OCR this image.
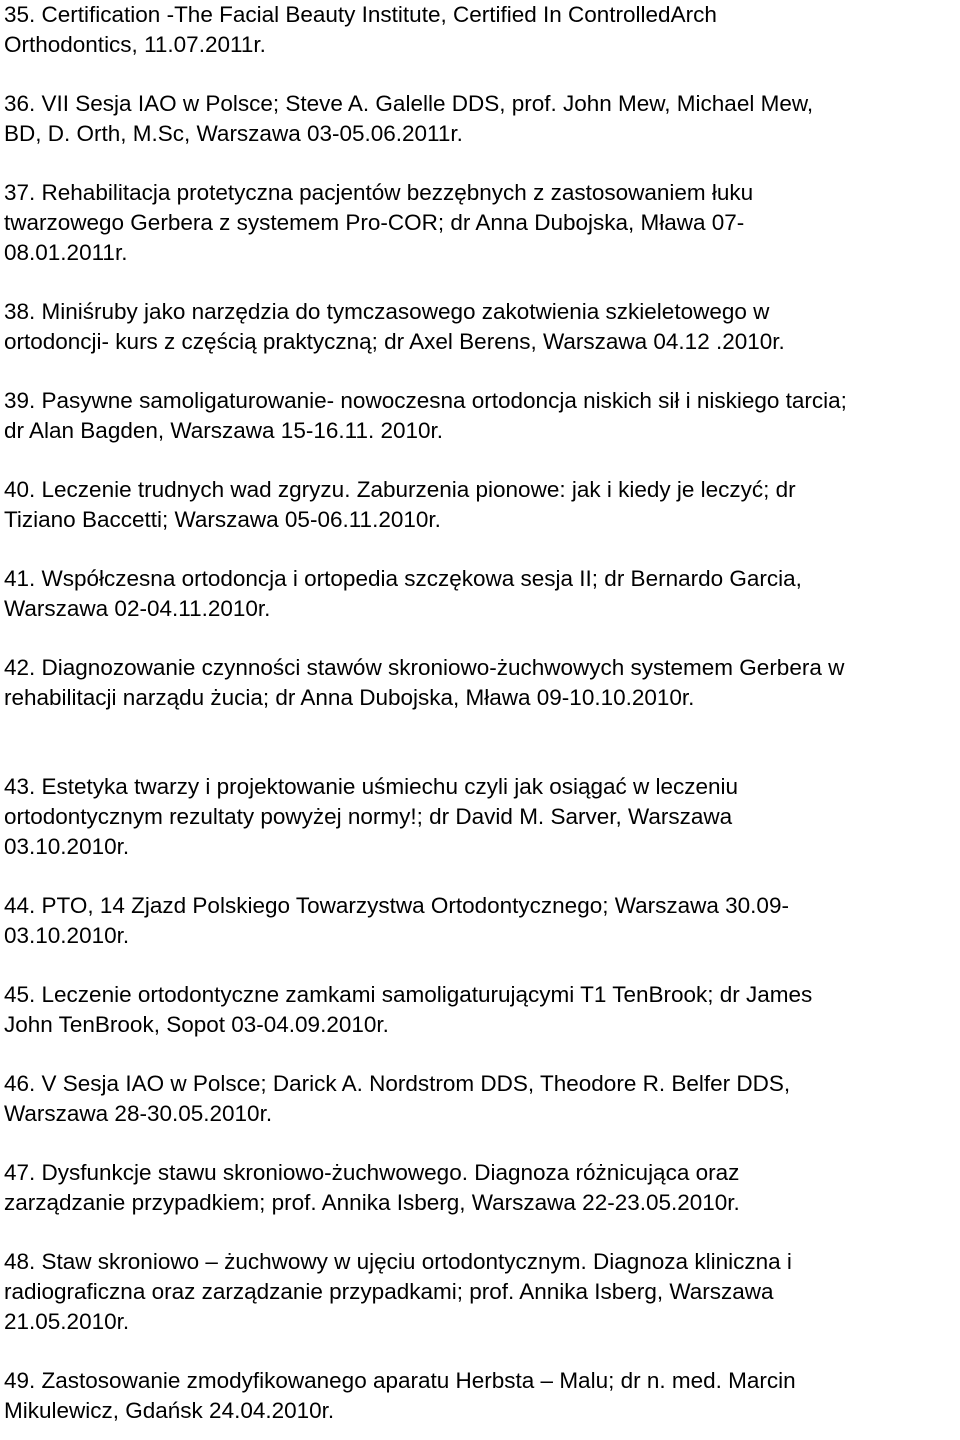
35. Certification -The Facial Beauty Institute, Certified In ControlledArch
Orthodontics, 11.07.2011r.
36. VII Sesja IAO w Polsce; Steve A. Galelle DDS, prof. John Mew, Michael Mew,
BD, D. Orth, M.Sc, Warszawa 03-05.06.2011r.
37. Rehabilitacja protetyczna pacjentów bezzębnych z zastosowaniem łuku
twarzowego Gerbera z systemem Pro-COR; dr Anna Dubojska, Mława 07-
08.01.2011r.
38. Miniśruby jako narzędzia do tymczasowego zakotwienia szkieletowego w
ortodoncji- kurs z częścią praktyczną; dr Axel Berens, Warszawa 04.12 .2010r.
39. Pasywne samoligaturowanie- nowoczesna ortodoncja niskich sił i niskiego tarcia;
dr Alan Bagden, Warszawa 15-16.11. 2010r.
40. Leczenie trudnych wad zgryzu. Zaburzenia pionowe: jak i kiedy je leczyć; dr
Tiziano Baccetti; Warszawa 05-06.11.2010r.
41. Współczesna ortodoncja i ortopedia szczękowa sesja II; dr Bernardo Garcia,
Warszawa 02-04.11.2010r.
42. Diagnozowanie czynności stawów skroniowo-żuchwowych systemem Gerbera w
rehabilitacji narządu żucia; dr Anna Dubojska, Mława 09-10.10.2010r.
43. Estetyka twarzy i projektowanie uśmiechu czyli jak osiągać w leczeniu
ortodontycznym rezultaty powyżej normy!; dr David M. Sarver, Warszawa
03.10.2010r.
44. PTO, 14 Zjazd Polskiego Towarzystwa Ortodontycznego; Warszawa 30.09-
03.10.2010r.
45. Leczenie ortodontyczne zamkami samoligaturującymi T1 TenBrook; dr James
John TenBrook, Sopot 03-04.09.2010r.
46. V Sesja IAO w Polsce; Darick A. Nordstrom DDS, Theodore R. Belfer DDS,
Warszawa 28-30.05.2010r.
47. Dysfunkcje stawu skroniowo-żuchwowego. Diagnoza różnicująca oraz
zarządzanie przypadkiem; prof. Annika Isberg, Warszawa 22-23.05.2010r.
48. Staw skroniowo – żuchwowy w ujęciu ortodontycznym. Diagnoza kliniczna i
radiograficzna oraz zarządzanie przypadkami; prof. Annika Isberg, Warszawa
21.05.2010r.
49. Zastosowanie zmodyfikowanego aparatu Herbsta – Malu; dr n. med. Marcin
Mikulewicz, Gdańsk 24.04.2010r.
